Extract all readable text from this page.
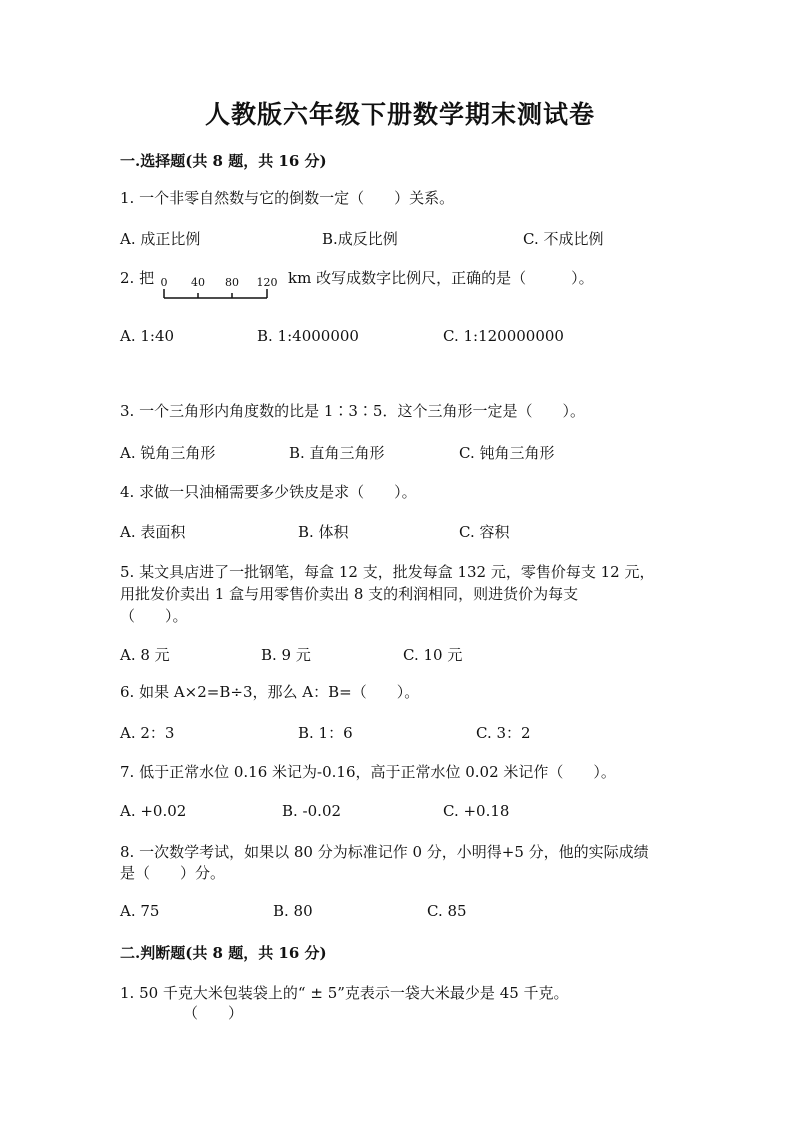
人教版六年级下册数学期末测试卷
一.选择题(共 8 题，共 16 分)
1. 一个非零自然数与它的倒数一定（　　）关系。
A. 成正比例	B.成反比例	C. 不成比例
2. 把 0 40 80 120 km 改写成数字比例尺，正确的是（　　　）。
A. 1:40	B. 1:4000000	C. 1:120000000
3. 一个三角形内角度数的比是 1∶3∶5．这个三角形一定是（　　）。
A. 锐角三角形	B. 直角三角形	C. 钝角三角形
4. 求做一只油桶需要多少铁皮是求（　　）。
A. 表面积	B. 体积	C. 容积
5. 某文具店进了一批钢笔，每盒 12 支，批发每盒 132 元，零售价每支 12 元，
用批发价卖出 1 盒与用零售价卖出 8 支的利润相同，则进货价为每支
（　　）。
A. 8 元	B. 9 元	C. 10 元
6. 如果 A×2=B÷3，那么 A：B=（　　）。
A. 2：3	B. 1：6	C. 3：2
7. 低于正常水位 0.16 米记为-0.16，高于正常水位 0.02 米记作（　　）。
A. +0.02	B. -0.02	C. +0.18
8. 一次数学考试，如果以 80 分为标准记作 0 分，小明得+5 分，他的实际成绩
是（　　）分。
A. 75	B. 80	C. 85
二.判断题(共 8 题，共 16 分)
1. 50 千克大米包装袋上的“ ± 5”克表示一袋大米最少是 45 千克。
（　　）
